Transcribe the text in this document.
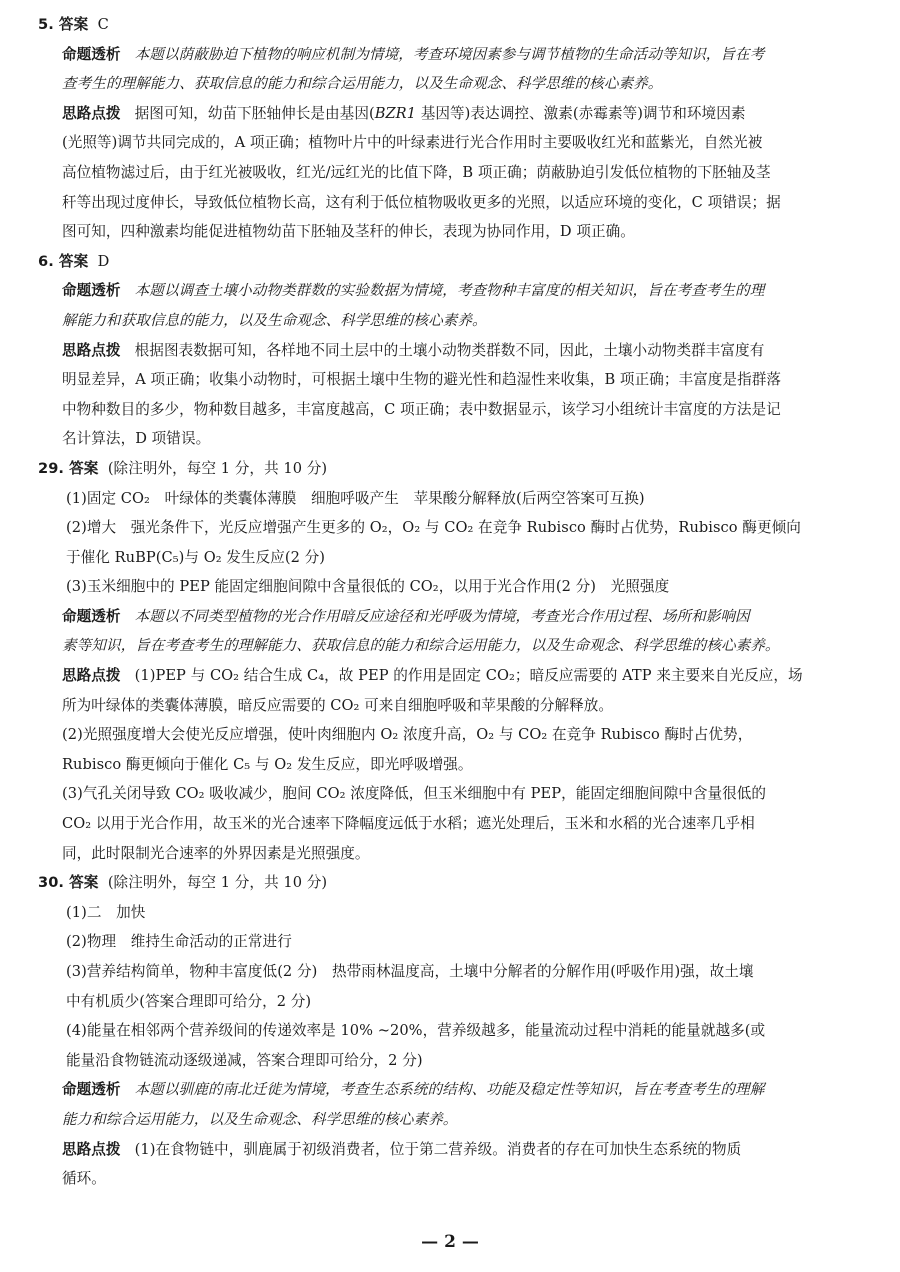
5. 答案 C
命题透析 本题以荫蔽胁迫下植物的响应机制为情境，考查环境因素参与调节植物的生命活动等知识，旨在考
查考生的理解能力、获取信息的能力和综合运用能力，以及生命观念、科学思维的核心素养。
思路点拨 据图可知，幼苗下胚轴伸长是由基因(BZR1 基因等)表达调控、激素(赤霉素等)调节和环境因素
(光照等)调节共同完成的，A 项正确；植物叶片中的叶绿素进行光合作用时主要吸收红光和蓝紫光，自然光被
高位植物滤过后，由于红光被吸收，红光/远红光的比值下降，B 项正确；荫蔽胁迫引发低位植物的下胚轴及茎
秆等出现过度伸长，导致低位植物长高，这有利于低位植物吸收更多的光照，以适应环境的变化，C 项错误；据
图可知，四种激素均能促进植物幼苗下胚轴及茎秆的伸长，表现为协同作用，D 项正确。
6. 答案 D
命题透析 本题以调查土壤小动物类群数的实验数据为情境，考查物种丰富度的相关知识，旨在考查考生的理
解能力和获取信息的能力，以及生命观念、科学思维的核心素养。
思路点拨 根据图表数据可知，各样地不同土层中的土壤小动物类群数不同，因此，土壤小动物类群丰富度有
明显差异，A 项正确；收集小动物时，可根据土壤中生物的避光性和趋湿性来收集，B 项正确；丰富度是指群落
中物种数目的多少，物种数目越多，丰富度越高，C 项正确；表中数据显示，该学习小组统计丰富度的方法是记
名计算法，D 项错误。
29. 答案 (除注明外，每空 1 分，共 10 分)
(1)固定 CO₂　叶绿体的类囊体薄膜　细胞呼吸产生　苹果酸分解释放(后两空答案可互换)
(2)增大　强光条件下，光反应增强产生更多的 O₂，O₂ 与 CO₂ 在竞争 Rubisco 酶时占优势，Rubisco 酶更倾向
于催化 RuBP(C₅)与 O₂ 发生反应(2 分)
(3)玉米细胞中的 PEP 能固定细胞间隙中含量很低的 CO₂，以用于光合作用(2 分)　光照强度
命题透析 本题以不同类型植物的光合作用暗反应途径和光呼吸为情境，考查光合作用过程、场所和影响因
素等知识，旨在考查考生的理解能力、获取信息的能力和综合运用能力，以及生命观念、科学思维的核心素养。
思路点拨 (1)PEP 与 CO₂ 结合生成 C₄，故 PEP 的作用是固定 CO₂；暗反应需要的 ATP 来主要来自光反应，场
所为叶绿体的类囊体薄膜，暗反应需要的 CO₂ 可来自细胞呼吸和苹果酸的分解释放。
(2)光照强度增大会使光反应增强，使叶肉细胞内 O₂ 浓度升高，O₂ 与 CO₂ 在竞争 Rubisco 酶时占优势，
Rubisco 酶更倾向于催化 C₅ 与 O₂ 发生反应，即光呼吸增强。
(3)气孔关闭导致 CO₂ 吸收减少，胞间 CO₂ 浓度降低，但玉米细胞中有 PEP，能固定细胞间隙中含量很低的
CO₂ 以用于光合作用，故玉米的光合速率下降幅度远低于水稻；遮光处理后，玉米和水稻的光合速率几乎相
同，此时限制光合速率的外界因素是光照强度。
30. 答案 (除注明外，每空 1 分，共 10 分)
(1)二　加快
(2)物理　维持生命活动的正常进行
(3)营养结构简单，物种丰富度低(2 分)　热带雨林温度高，土壤中分解者的分解作用(呼吸作用)强，故土壤
中有机质少(答案合理即可给分，2 分)
(4)能量在相邻两个营养级间的传递效率是 10% ~20%，营养级越多，能量流动过程中消耗的能量就越多(或
能量沿食物链流动逐级递减，答案合理即可给分，2 分)
命题透析 本题以驯鹿的南北迁徙为情境，考查生态系统的结构、功能及稳定性等知识，旨在考查考生的理解
能力和综合运用能力，以及生命观念、科学思维的核心素养。
思路点拨 (1)在食物链中，驯鹿属于初级消费者，位于第二营养级。消费者的存在可加快生态系统的物质
循环。
— 2 —
